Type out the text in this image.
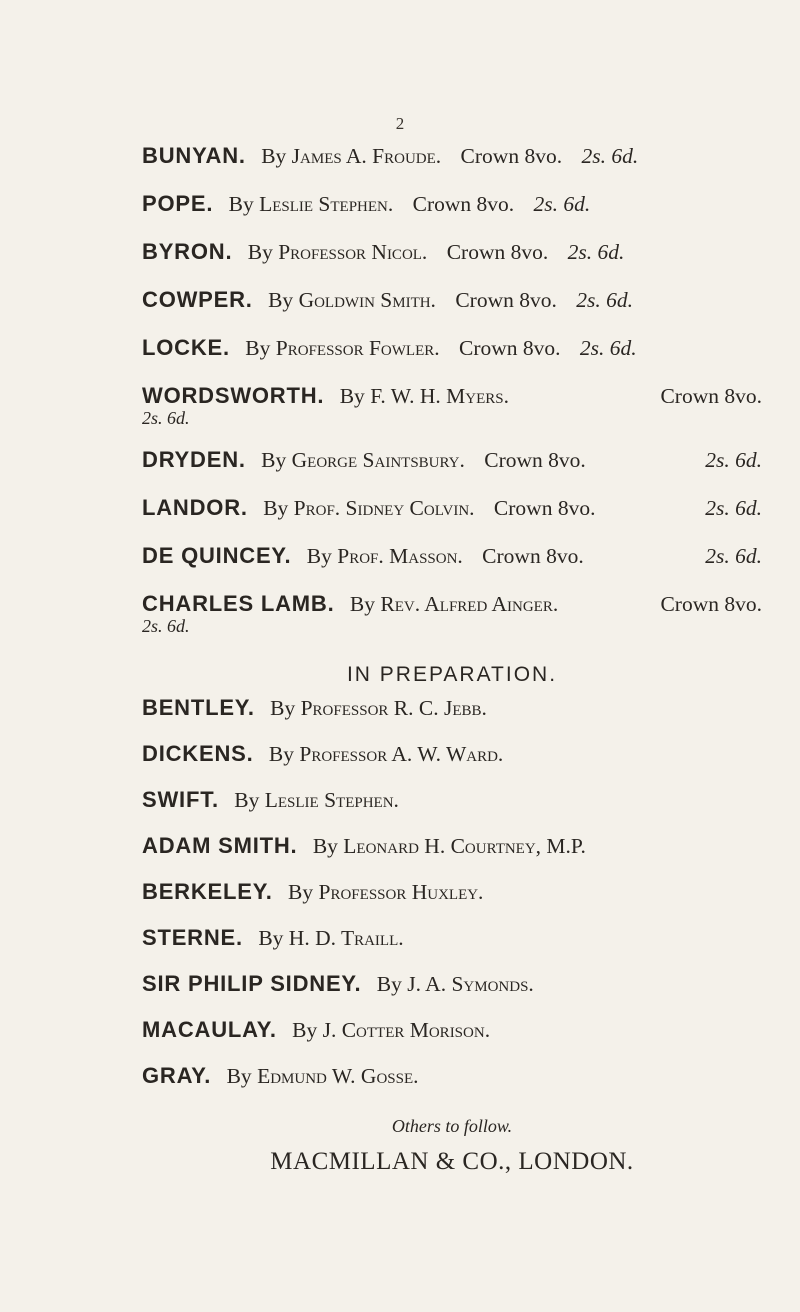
2
BUNYAN. By James A. Froude. Crown 8vo. 2s. 6d.
POPE. By Leslie Stephen. Crown 8vo. 2s. 6d.
BYRON. By Professor Nicol. Crown 8vo. 2s. 6d.
COWPER. By Goldwin Smith. Crown 8vo. 2s. 6d.
LOCKE. By Professor Fowler. Crown 8vo. 2s. 6d.
WORDSWORTH. By F. W. H. Myers.	Crown 8vo.
2s. 6d.
DRYDEN. By George Saintsbury. Crown 8vo.	2s. 6d.
LANDOR. By Prof. Sidney Colvin. Crown 8vo.	2s. 6d.
DE QUINCEY. By Prof. Masson. Crown 8vo.	2s. 6d.
CHARLES LAMB. By Rev. Alfred Ainger.	Crown 8vo.
2s. 6d.
IN PREPARATION.
BENTLEY. By Professor R. C. Jebb.
DICKENS. By Professor A. W. Ward.
SWIFT. By Leslie Stephen.
ADAM SMITH. By Leonard H. Courtney, M.P.
BERKELEY. By Professor Huxley.
STERNE. By H. D. Traill.
SIR PHILIP SIDNEY. By J. A. Symonds.
MACAULAY. By J. Cotter Morison.
GRAY. By Edmund W. Gosse.
Others to follow.
MACMILLAN & CO., LONDON.
